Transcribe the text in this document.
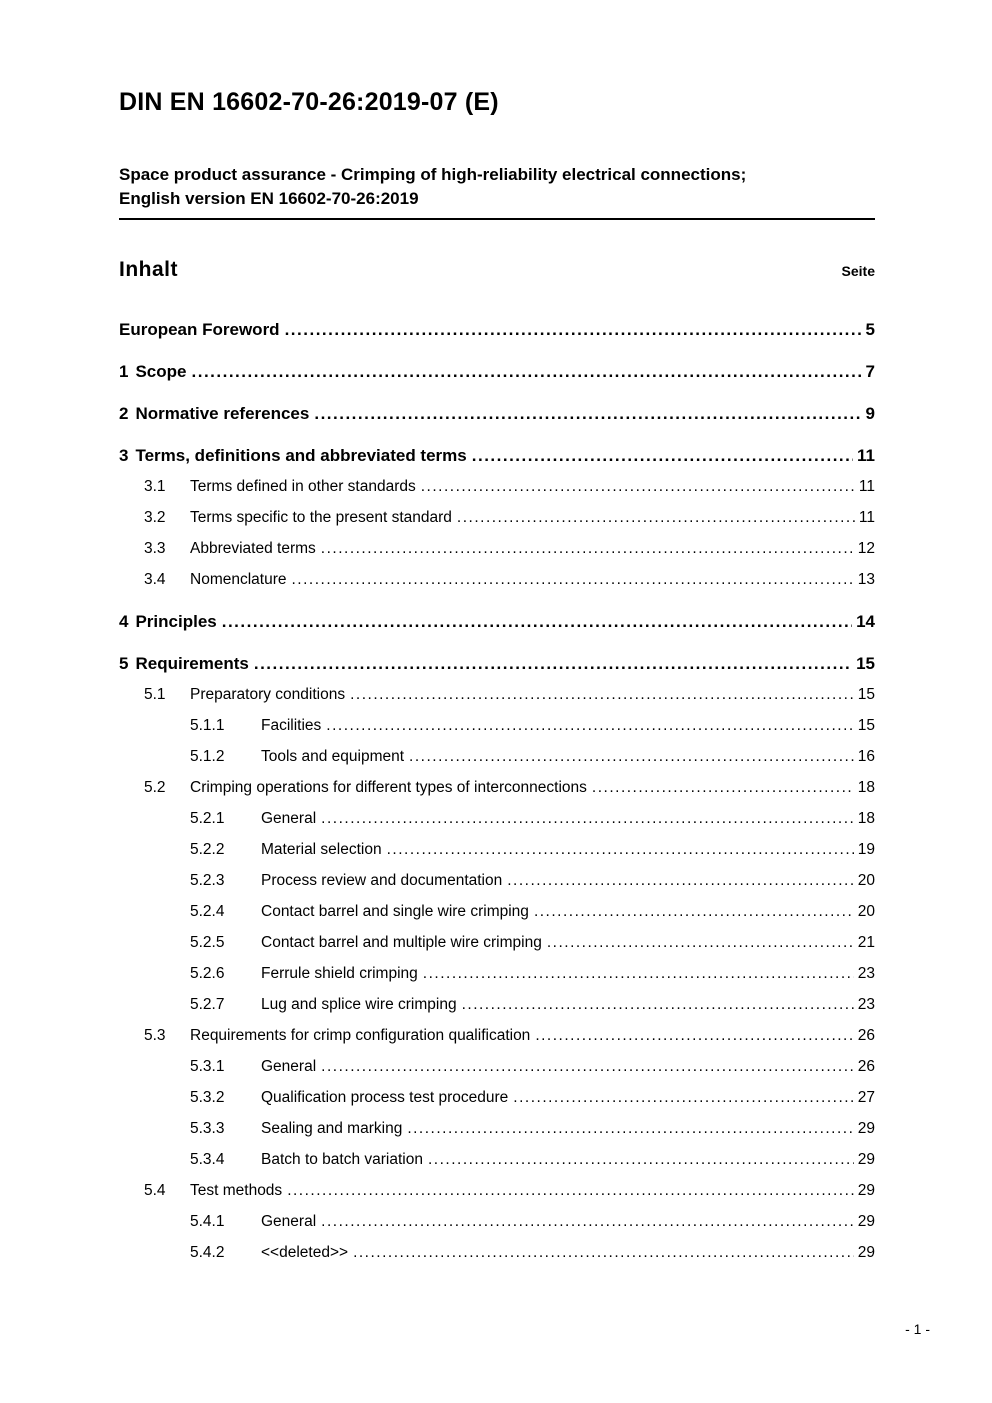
DIN EN 16602-70-26:2019-07 (E)
Space product assurance - Crimping of high-reliability electrical connections;
English version EN 16602-70-26:2019
Inhalt	Seite
European Foreword .....	5
1 Scope .....	7
2 Normative references .....	9
3 Terms, definitions and abbreviated terms .....	11
3.1	Terms defined in other standards .....	11
3.2	Terms specific to the present standard .....	11
3.3	Abbreviated terms .....	12
3.4	Nomenclature .....	13
4 Principles .....	14
5 Requirements .....	15
5.1	Preparatory conditions .....	15
5.1.1	Facilities .....	15
5.1.2	Tools and equipment .....	16
5.2	Crimping operations for different types of interconnections .....	18
5.2.1	General .....	18
5.2.2	Material selection .....	19
5.2.3	Process review and documentation .....	20
5.2.4	Contact barrel and single wire crimping .....	20
5.2.5	Contact barrel and multiple wire crimping .....	21
5.2.6	Ferrule shield crimping .....	23
5.2.7	Lug and splice wire crimping .....	23
5.3	Requirements for crimp configuration qualification .....	26
5.3.1	General .....	26
5.3.2	Qualification process test procedure .....	27
5.3.3	Sealing and marking .....	29
5.3.4	Batch to batch variation .....	29
5.4	Test methods .....	29
5.4.1	General .....	29
5.4.2	<<deleted>> .....	29
- 1 -
